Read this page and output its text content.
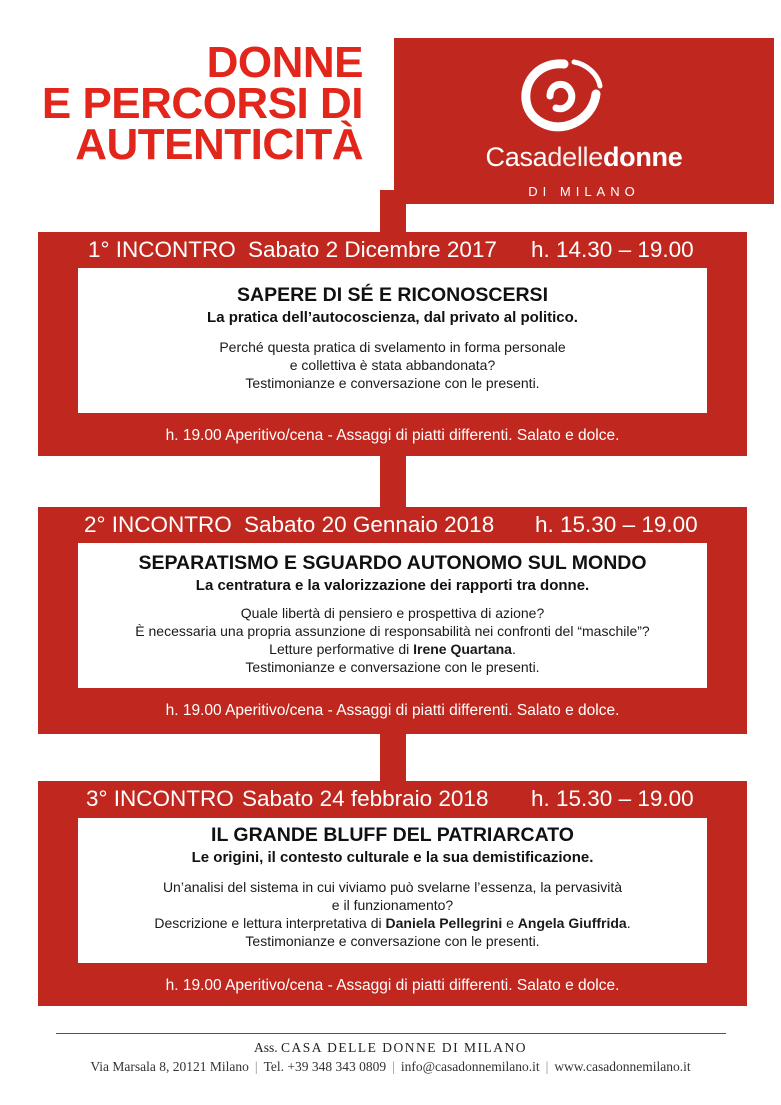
DONNE
E PERCORSI DI
AUTENTICITÀ	Casadelledonne
DI MILANO
1° INCONTRO Sabato 2 Dicembre 2017 h. 14.30 – 19.00
SAPERE DI SÉ E RICONOSCERSI
La pratica dell’autocoscienza, dal privato al politico.
Perché questa pratica di svelamento in forma personale
e collettiva è stata abbandonata?
Testimonianze e conversazione con le presenti.
h. 19.00 Aperitivo/cena - Assaggi di piatti differenti. Salato e dolce.
2° INCONTRO Sabato 20 Gennaio 2018 h. 15.30 – 19.00
SEPARATISMO E SGUARDO AUTONOMO SUL MONDO
La centratura e la valorizzazione dei rapporti tra donne.
Quale libertà di pensiero e prospettiva di azione?
È necessaria una propria assunzione di responsabilità nei confronti del “maschile”?
Letture performative di Irene Quartana.
Testimonianze e conversazione con le presenti.
h. 19.00 Aperitivo/cena - Assaggi di piatti differenti. Salato e dolce.
3° INCONTRO Sabato 24 febbraio 2018 h. 15.30 – 19.00
IL GRANDE BLUFF DEL PATRIARCATO
Le origini, il contesto culturale e la sua demistificazione.
Un’analisi del sistema in cui viviamo può svelarne l’essenza, la pervasività
e il funzionamento?
Descrizione e lettura interpretativa di Daniela Pellegrini e Angela Giuffrida.
Testimonianze e conversazione con le presenti.
h. 19.00 Aperitivo/cena - Assaggi di piatti differenti. Salato e dolce.
Ass. CASA DELLE DONNE DI MILANO
Via Marsala 8, 20121 Milano | Tel. +39 348 343 0809 | info@casadonnemilano.it | www.casadonnemilano.it
